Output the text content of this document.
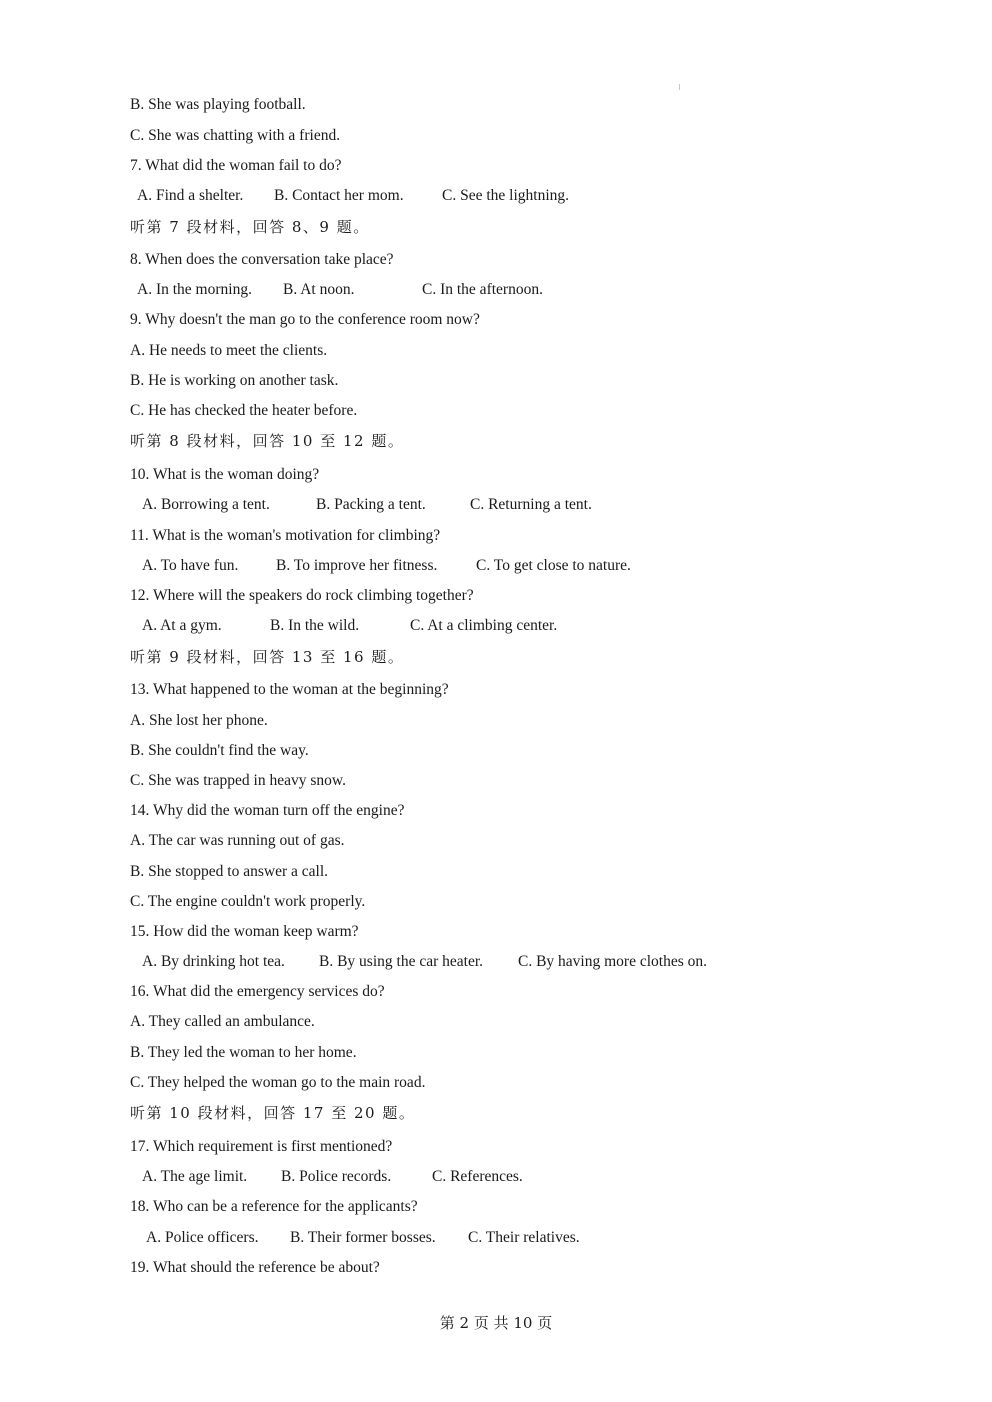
B. She was playing football.
C. She was chatting with a friend.
7. What did the woman fail to do?
A. Find a shelter. B. Contact her mom. C. See the lightning.
听第 7 段材料，回答 8、9 题。
8. When does the conversation take place?
A. In the morning. B. At noon.	C. In the afternoon.
9. Why doesn't the man go to the conference room now?
A. He needs to meet the clients.
B. He is working on another task.
C. He has checked the heater before.
听第 8 段材料，回答 10 至 12 题。
10. What is the woman doing?
A. Borrowing a tent.	B. Packing a tent.	C. Returning a tent.
11. What is the woman's motivation for climbing?
A. To have fun. B. To improve her fitness. C. To get close to nature.
12. Where will the speakers do rock climbing together?
A. At a gym.	B. In the wild.	C. At a climbing center.
听第 9 段材料，回答 13 至 16 题。
13. What happened to the woman at the beginning?
A. She lost her phone.
B. She couldn't find the way.
C. She was trapped in heavy snow.
14. Why did the woman turn off the engine?
A. The car was running out of gas.
B. She stopped to answer a call.
C. The engine couldn't work properly.
15. How did the woman keep warm?
A. By drinking hot tea. B. By using the car heater. C. By having more clothes on.
16. What did the emergency services do?
A. They called an ambulance.
B. They led the woman to her home.
C. They helped the woman go to the main road.
听第 10 段材料，回答 17 至 20 题。
17. Which requirement is first mentioned?
A. The age limit. B. Police records.	C. References.
18. Who can be a reference for the applicants?
A. Police officers. B. Their former bosses. C. Their relatives.
19. What should the reference be about?
第 2 页 共 10 页
